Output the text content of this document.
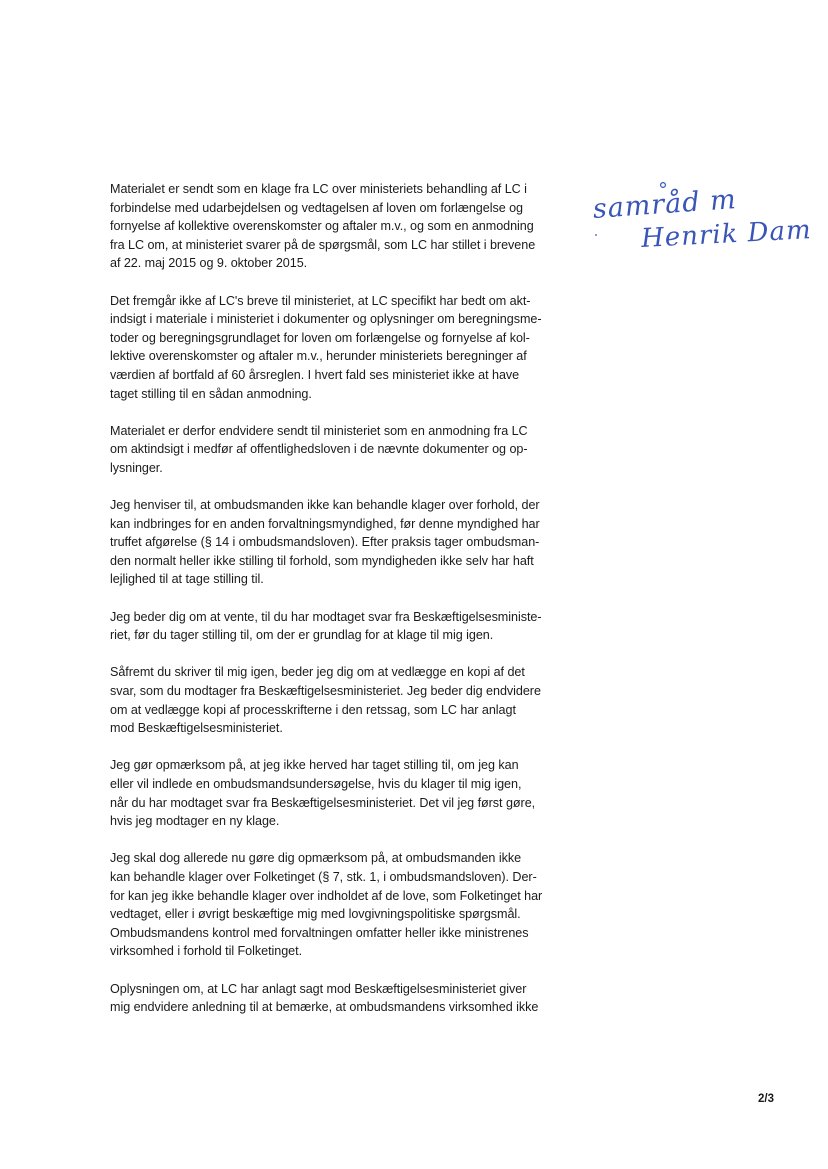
Materialet er sendt som en klage fra LC over ministeriets behandling af LC i
forbindelse med udarbejdelsen og vedtagelsen af loven om forlængelse og
fornyelse af kollektive overenskomster og aftaler m.v., og som en anmodning
fra LC om, at ministeriet svarer på de spørgsmål, som LC har stillet i brevene
af 22. maj 2015 og 9. oktober 2015.

Det fremgår ikke af LC's breve til ministeriet, at LC specifikt har bedt om akt-
indsigt i materiale i ministeriet i dokumenter og oplysninger om beregningsme-
toder og beregningsgrundlaget for loven om forlængelse og fornyelse af kol-
lektive overenskomster og aftaler m.v., herunder ministeriets beregninger af
værdien af bortfald af 60 årsreglen. I hvert fald ses ministeriet ikke at have
taget stilling til en sådan anmodning.

Materialet er derfor endvidere sendt til ministeriet som en anmodning fra LC
om aktindsigt i medfør af offentlighedsloven i de nævnte dokumenter og op-
lysninger.

Jeg henviser til, at ombudsmanden ikke kan behandle klager over forhold, der
kan indbringes for en anden forvaltningsmyndighed, før denne myndighed har
truffet afgørelse (§ 14 i ombudsmandsloven). Efter praksis tager ombudsman-
den normalt heller ikke stilling til forhold, som myndigheden ikke selv har haft
lejlighed til at tage stilling til.

Jeg beder dig om at vente, til du har modtaget svar fra Beskæftigelsesministe-
riet, før du tager stilling til, om der er grundlag for at klage til mig igen.

Såfremt du skriver til mig igen, beder jeg dig om at vedlægge en kopi af det
svar, som du modtager fra Beskæftigelsesministeriet. Jeg beder dig endvidere
om at vedlægge kopi af processkrifterne i den retssag, som LC har anlagt
mod Beskæftigelsesministeriet.

Jeg gør opmærksom på, at jeg ikke herved har taget stilling til, om jeg kan
eller vil indlede en ombudsmandsundersøgelse, hvis du klager til mig igen,
når du har modtaget svar fra Beskæftigelsesministeriet. Det vil jeg først gøre,
hvis jeg modtager en ny klage.

Jeg skal dog allerede nu gøre dig opmærksom på, at ombudsmanden ikke
kan behandle klager over Folketinget (§ 7, stk. 1, i ombudsmandsloven). Der-
for kan jeg ikke behandle klager over indholdet af de love, som Folketinget har
vedtaget, eller i øvrigt beskæftige mig med lovgivningspolitiske spørgsmål.
Ombudsmandens kontrol med forvaltningen omfatter heller ikke ministrenes
virksomhed i forhold til Folketinget.

Oplysningen om, at LC har anlagt sagt mod Beskæftigelsesministeriet giver
mig endvidere anledning til at bemærke, at ombudsmandens virksomhed ikke

samråd m
Henrik Dam
2/3
